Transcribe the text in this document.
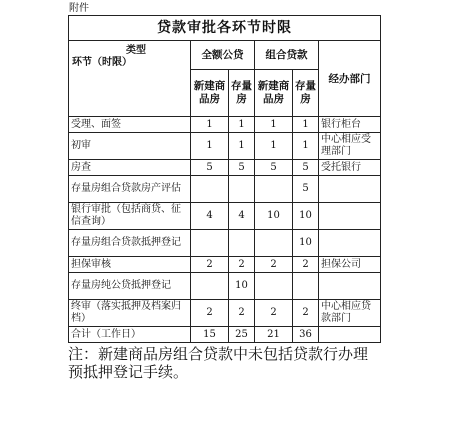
附件
贷款审批各环节时限					

类型
环节（时限）	全额公贷		组合贷款		经办部门
	新建商品房	存量房	新建商品房	存量房	
受理、面签	1	1	1	1	银行柜台
初审	1	1	1	1	中心相应受理部门
房查	5	5	5	5	受托银行
存量房组合贷款房产评估				5	
银行审批（包括商贷、征信查询）	4	4	10	10	
存量房组合贷款抵押登记				10	
担保审核	2	2	2	2	担保公司
存量房纯公贷抵押登记		10			
终审（落实抵押及档案归档）	2	2	2	2	中心相应贷款部门
合计（工作日）	15	25	21	36	
注：新建商品房组合贷款中未包括贷款行办理预抵押登记手续。
